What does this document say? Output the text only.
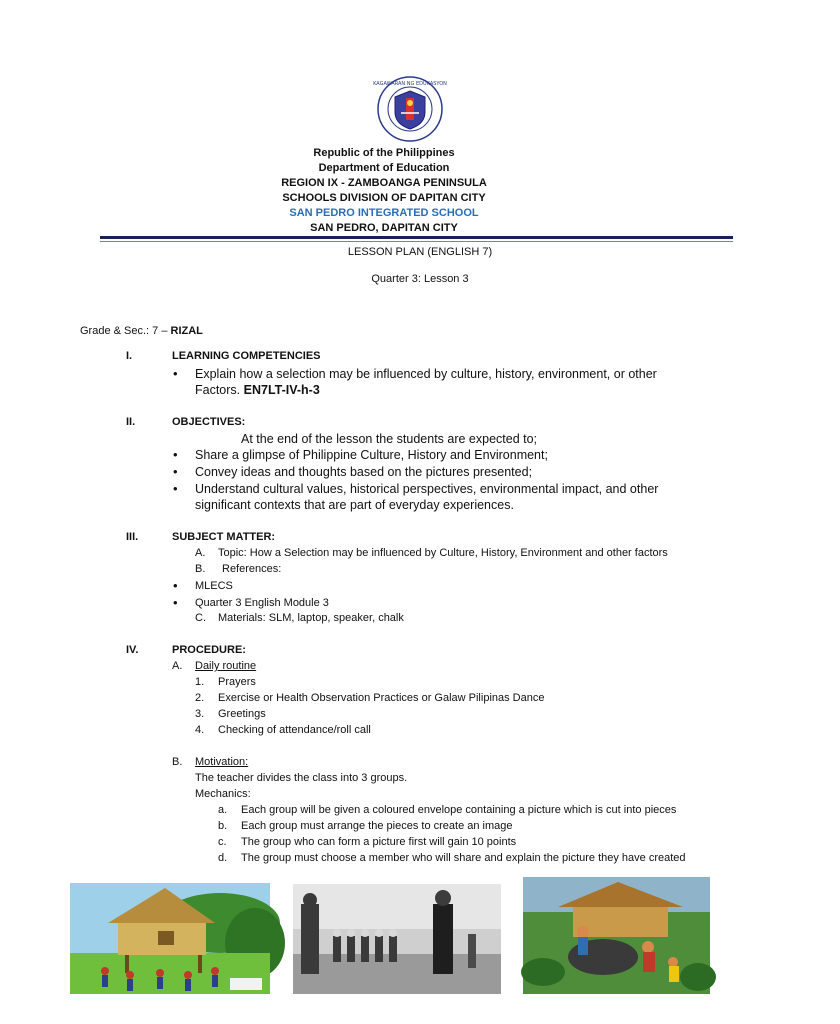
KAGAWARAN NG EDUKASYON
Republic of the Philippines
Department of Education
REGION IX - ZAMBOANGA PENINSULA
SCHOOLS DIVISION OF DAPITAN CITY
SAN PEDRO INTEGRATED SCHOOL
SAN PEDRO, DAPITAN CITY
LESSON PLAN (ENGLISH 7)
Quarter 3: Lesson 3
Grade & Sec.: 7 – RIZAL
I.	LEARNING COMPETENCIES
• Explain how a selection may be influenced by culture, history, environment, or other
Factors. EN7LT-IV-h-3
II.	OBJECTIVES:
At the end of the lesson the students are expected to;
• Share a glimpse of Philippine Culture, History and Environment;
• Convey ideas and thoughts based on the pictures presented;
• Understand cultural values, historical perspectives, environmental impact, and other
significant contexts that are part of everyday experiences.
III.	SUBJECT MATTER:
A. Topic: How a Selection may be influenced by Culture, History, Environment and other factors
B. References:
• MLECS
• Quarter 3 English Module 3
C. Materials: SLM, laptop, speaker, chalk
IV.	PROCEDURE:
A. Daily routine
1. Prayers
2. Exercise or Health Observation Practices or Galaw Pilipinas Dance
3. Greetings
4. Checking of attendance/roll call
B. Motivation:
The teacher divides the class into 3 groups.
Mechanics:
a. Each group will be given a coloured envelope containing a picture which is cut into pieces
b. Each group must arrange the pieces to create an image
c. The group who can form a picture first will gain 10 points
d. The group must choose a member who will share and explain the picture they have created
